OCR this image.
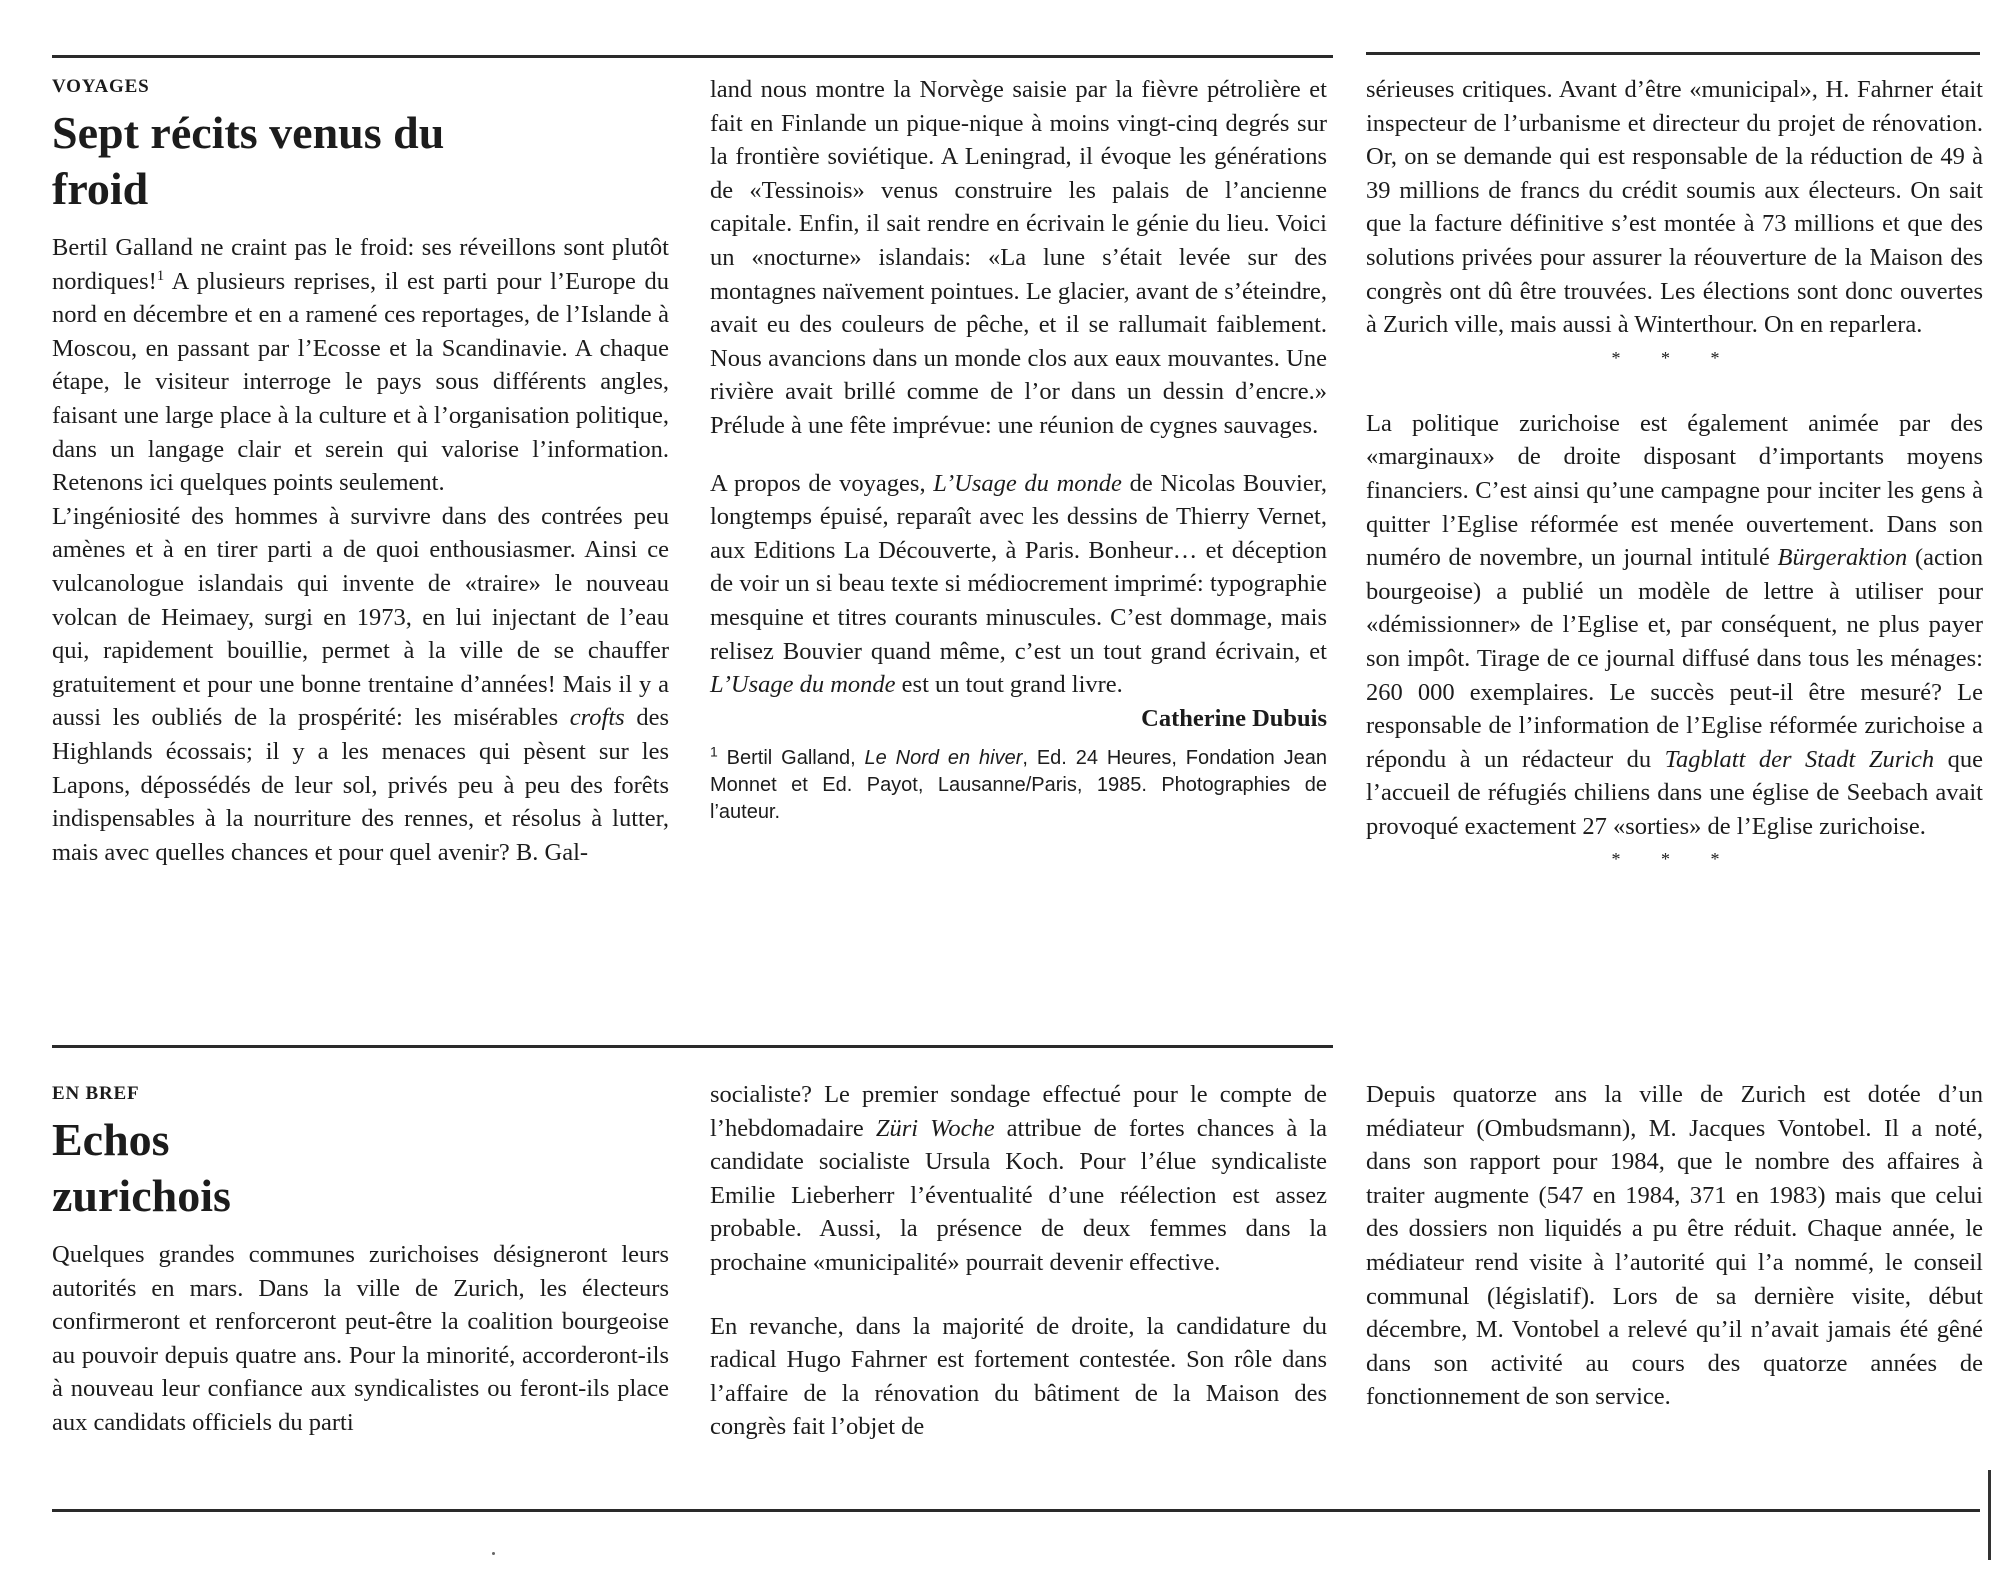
VOYAGES
Sept récits venus du froid

Bertil Galland ne craint pas le froid: ses réveillons sont plutôt nordiques!$^1$ A plusieurs reprises, il est parti pour l’Europe du nord en décembre et en a ramené ces reportages, de l’Islande à Moscou, en passant par l’Ecosse et la Scandinavie. A chaque étape, le visiteur interroge le pays sous différents angles, faisant une large place à la culture et à l’organisation politique, dans un langage clair et serein qui valorise l’information. Retenons ici quelques points seulement.

L’ingéniosité des hommes à survivre dans des contrées peu amènes et à en tirer parti a de quoi enthousiasmer. Ainsi ce vulcanologue islandais qui invente de «traire» le nouveau volcan de Heimaey, surgi en 1973, en lui injectant de l’eau qui, rapidement bouillie, permet à la ville de se chauffer gratuitement et pour une bonne trentaine d’années! Mais il y a aussi les oubliés de la prospérité: les misérables crofts des Highlands écossais; il y a les menaces qui pèsent sur les Lapons, dépossédés de leur sol, privés peu à peu des forêts indispensables à la nourriture des rennes, et résolus à lutter, mais avec quelles chances et pour quel avenir? B. Gal-

land nous montre la Norvège saisie par la fièvre pétrolière et fait en Finlande un pique-nique à moins vingt-cinq degrés sur la frontière soviétique. A Leningrad, il évoque les générations de «Tessinois» venus construire les palais de l’ancienne capitale. Enfin, il sait rendre en écrivain le génie du lieu. Voici un «nocturne» islandais: «La lune s’était levée sur des montagnes naïvement pointues. Le glacier, avant de s’éteindre, avait eu des couleurs de pêche, et il se rallumait faiblement. Nous avancions dans un monde clos aux eaux mouvantes. Une rivière avait brillé comme de l’or dans un dessin d’encre.» Prélude à une fête imprévue: une réunion de cygnes sauvages.

A propos de voyages, L’Usage du monde de Nicolas Bouvier, longtemps épuisé, reparaît avec les dessins de Thierry Vernet, aux Editions La Découverte, à Paris. Bonheur… et déception de voir un si beau texte si médiocrement imprimé: typographie mesquine et titres courants minuscules. C’est dommage, mais relisez Bouvier quand même, c’est un tout grand écrivain, et L’Usage du monde est un tout grand livre.

Catherine Dubuis

$^1$ Bertil Galland, Le Nord en hiver, Ed. 24 Heures, Fondation Jean Monnet et Ed. Payot, Lausanne/Paris, 1985. Photographies de l’auteur.

sérieuses critiques. Avant d’être «municipal», H. Fahrner était inspecteur de l’urbanisme et directeur du projet de rénovation. Or, on se demande qui est responsable de la réduction de 49 à 39 millions de francs du crédit soumis aux électeurs. On sait que la facture définitive s’est montée à 73 millions et que des solutions privées pour assurer la réouverture de la Maison des congrès ont dû être trouvées. Les élections sont donc ouvertes à Zurich ville, mais aussi à Winterthour. On en reparlera.

* * *

La politique zurichoise est également animée par des «marginaux» de droite disposant d’importants moyens financiers. C’est ainsi qu’une campagne pour inciter les gens à quitter l’Eglise réformée est menée ouvertement. Dans son numéro de novembre, un journal intitulé Bürgeraktion (action bourgeoise) a publié un modèle de lettre à utiliser pour «démissionner» de l’Eglise et, par conséquent, ne plus payer son impôt. Tirage de ce journal diffusé dans tous les ménages: 260 000 exemplaires. Le succès peut-il être mesuré? Le responsable de l’information de l’Eglise réformée zurichoise a répondu à un rédacteur du Tagblatt der Stadt Zurich que l’accueil de réfugiés chiliens dans une église de Seebach avait provoqué exactement 27 «sorties» de l’Eglise zurichoise.

* * *
EN BREF
Echos zurichois

Quelques grandes communes zurichoises désigneront leurs autorités en mars. Dans la ville de Zurich, les électeurs confirmeront et renforceront peut-être la coalition bourgeoise au pouvoir depuis quatre ans. Pour la minorité, accorderont-ils à nouveau leur confiance aux syndicalistes ou feront-ils place aux candidats officiels du parti

socialiste? Le premier sondage effectué pour le compte de l’hebdomadaire Züri Woche attribue de fortes chances à la candidate socialiste Ursula Koch. Pour l’élue syndicaliste Emilie Lieberherr l’éventualité d’une réélection est assez probable. Aussi, la présence de deux femmes dans la prochaine «municipalité» pourrait devenir effective.

En revanche, dans la majorité de droite, la candidature du radical Hugo Fahrner est fortement contestée. Son rôle dans l’affaire de la rénovation du bâtiment de la Maison des congrès fait l’objet de

Depuis quatorze ans la ville de Zurich est dotée d’un médiateur (Ombudsmann), M. Jacques Vontobel. Il a noté, dans son rapport pour 1984, que le nombre des affaires à traiter augmente (547 en 1984, 371 en 1983) mais que celui des dossiers non liquidés a pu être réduit. Chaque année, le médiateur rend visite à l’autorité qui l’a nommé, le conseil communal (législatif). Lors de sa dernière visite, début décembre, M. Vontobel a relevé qu’il n’avait jamais été gêné dans son activité au cours des quatorze années de fonctionnement de son service.
